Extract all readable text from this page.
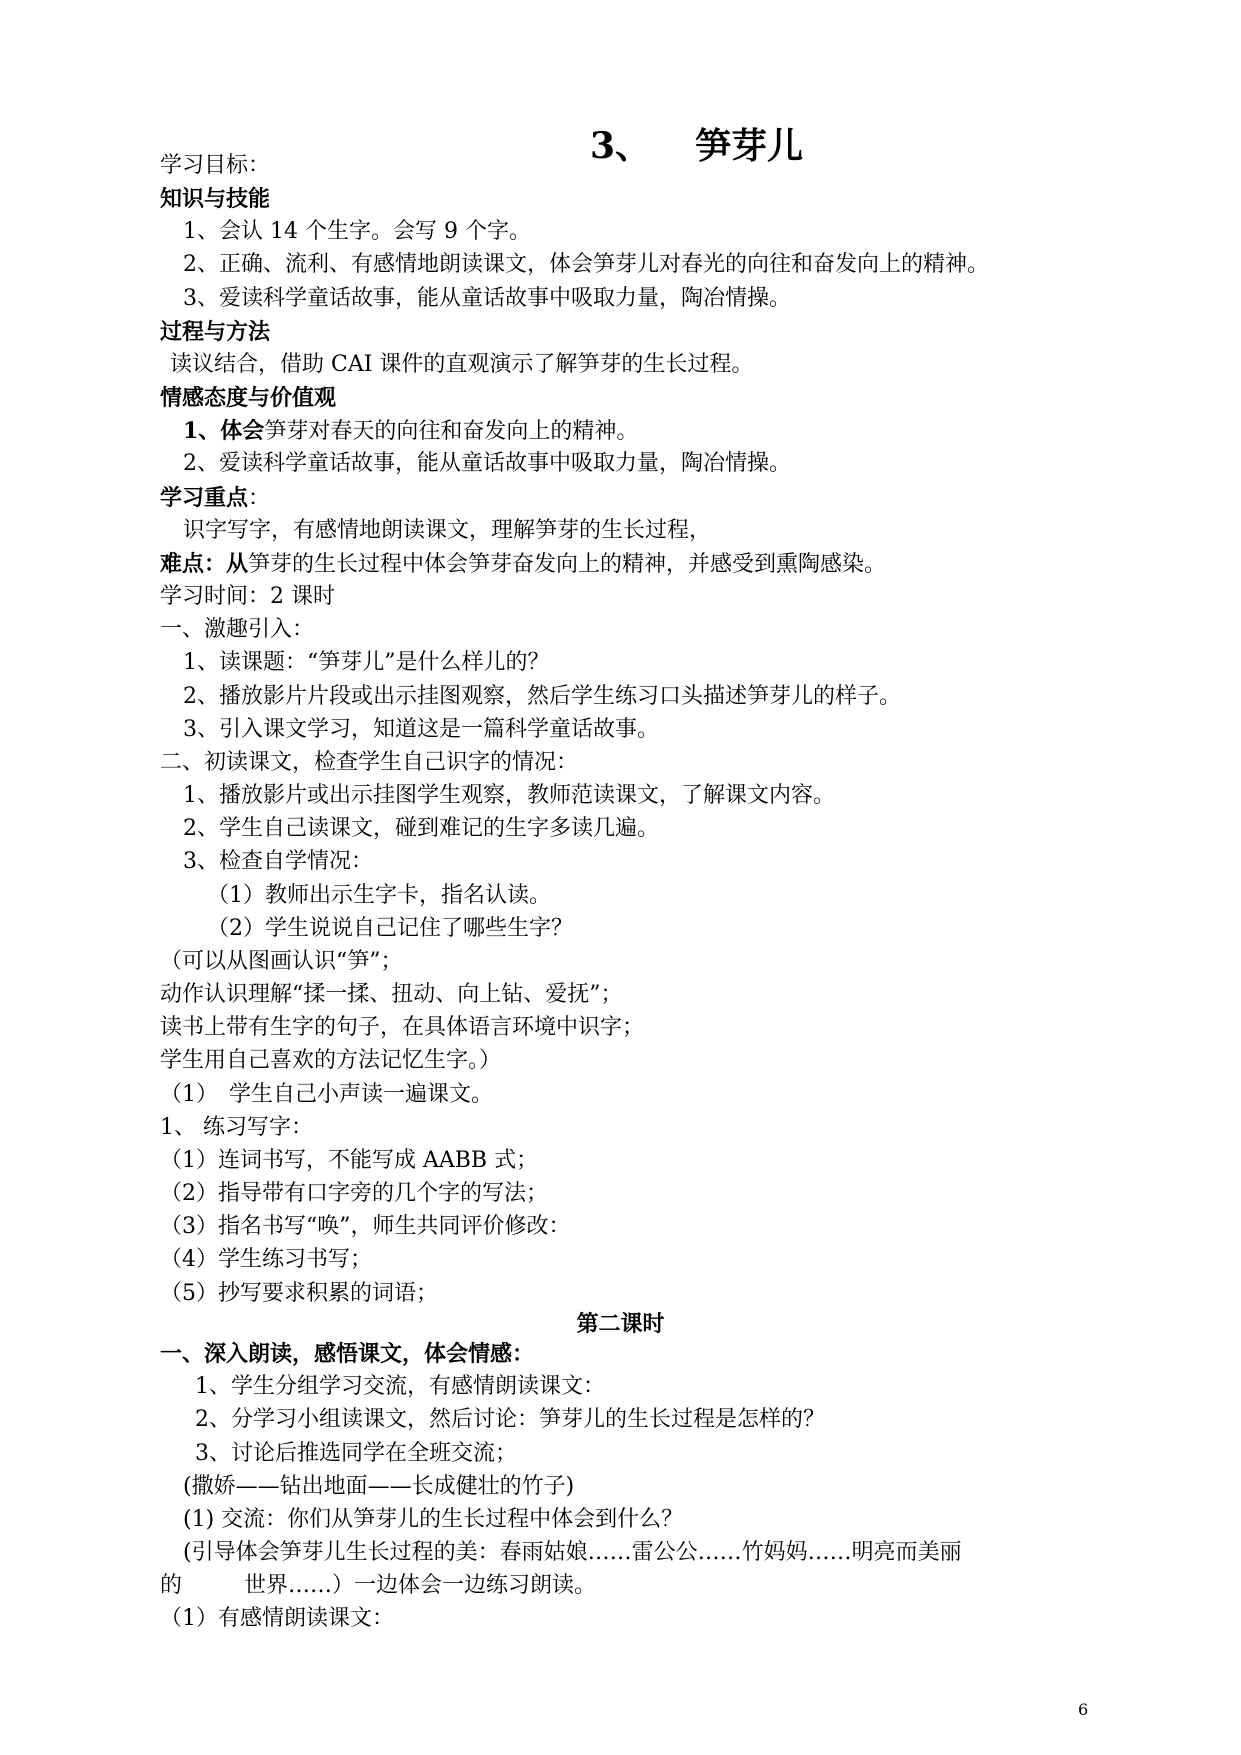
3、 笋芽儿
学习目标：
知识与技能
1、会认 14 个生字。会写 9 个字。
2、正确、流利、有感情地朗读课文，体会笋芽儿对春光的向往和奋发向上的精神。
3、爱读科学童话故事，能从童话故事中吸取力量，陶冶情操。
过程与方法
读议结合，借助 CAI 课件的直观演示了解笋芽的生长过程。
情感态度与价值观
1、体会笋芽对春天的向往和奋发向上的精神。
2、爱读科学童话故事，能从童话故事中吸取力量，陶冶情操。
学习重点：
识字写字，有感情地朗读课文，理解笋芽的生长过程，
难点：从笋芽的生长过程中体会笋芽奋发向上的精神，并感受到熏陶感染。
学习时间：2 课时
一、激趣引入：
1、读课题：“笋芽儿”是什么样儿的？
2、播放影片片段或出示挂图观察，然后学生练习口头描述笋芽儿的样子。
3、引入课文学习，知道这是一篇科学童话故事。
二、初读课文，检查学生自己识字的情况：
1、播放影片或出示挂图学生观察，教师范读课文，了解课文内容。
2、学生自己读课文，碰到难记的生字多读几遍。
3、检查自学情况：
（1）教师出示生字卡，指名认读。
（2）学生说说自己记住了哪些生字？
（可以从图画认识“笋”；
动作认识理解“揉一揉、扭动、向上钻、爱抚”；
读书上带有生字的句子，在具体语言环境中识字；
学生用自己喜欢的方法记忆生字。）
（1）　学生自己小声读一遍课文。
1、 练习写字：
（1）连词书写，不能写成 AABB 式；
（2）指导带有口字旁的几个字的写法；
（3）指名书写“唤”，师生共同评价修改：
（4）学生练习书写；
（5）抄写要求积累的词语；
第二课时
一、深入朗读，感悟课文，体会情感：
1、学生分组学习交流，有感情朗读课文：
2、分学习小组读课文，然后讨论：笋芽儿的生长过程是怎样的？
3、讨论后推选同学在全班交流；
(撒娇——钻出地面——长成健壮的竹子)
(1) 交流：你们从笋芽儿的生长过程中体会到什么？
(引导体会笋芽儿生长过程的美：春雨姑娘……雷公公……竹妈妈……明亮而美丽
的	世界……）一边体会一边练习朗读。
（1）有感情朗读课文：
6
